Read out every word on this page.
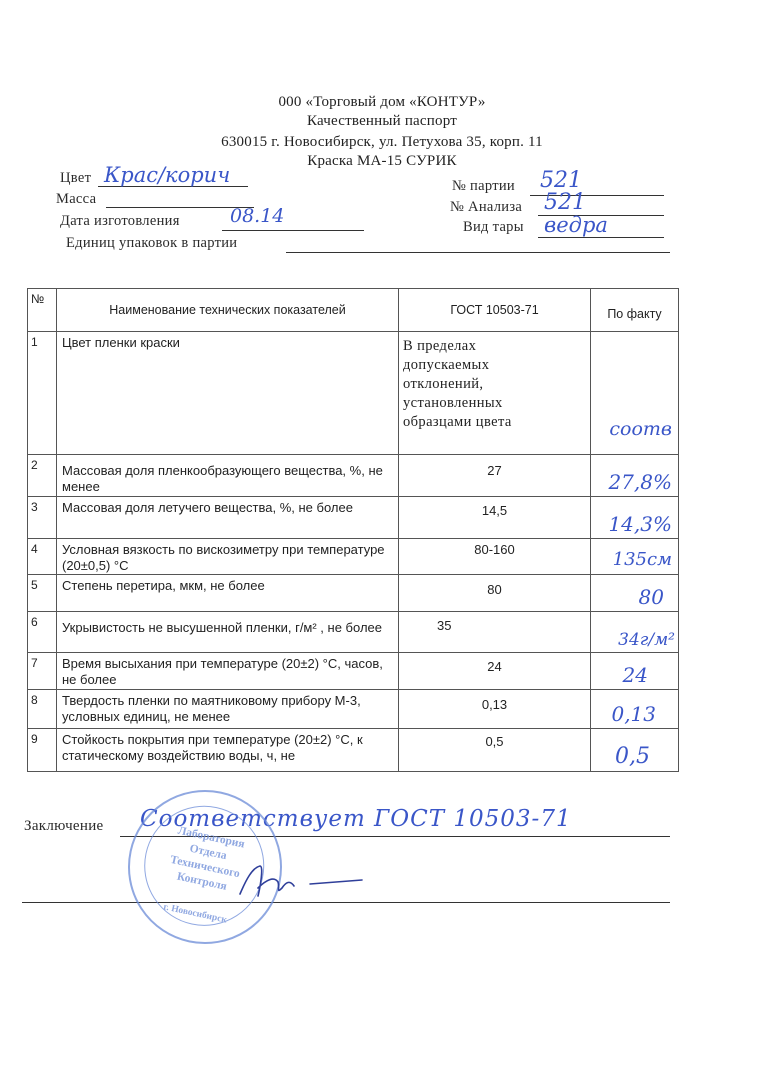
000 «Торговый дом «КОНТУР»
Качественный паспорт
630015 г. Новосибирск, ул. Петухова 35, корп. 11
Краска МА-15 СУРИК
Цвет Крас/корич
Масса
Дата изготовления	08.14
Единиц упаковок в партии
№ партии 521
№ Анализа 521
Вид тары ведра
№	Наименование технических показателей	ГОСТ 10503-71	По факту

1	Цвет пленки краски	В пределах допускаемых отклонений, установленных образцами цвета	соотв

2	Массовая доля пленкообразующего вещества, %, не менее	27	27,8%

3	Массовая доля летучего вещества, %, не более	14,5	14,3%

4	Условная вязкость по вискозиметру при температуре (20±0,5) °С	80-160	135см

5	Степень перетира, мкм, не более	80	80

6	Укрывистость не высушенной пленки, г/м² , не более	35	34г/м²

7	Время высыхания при температуре (20±2) °С, часов, не более	24	24

8	Твердость пленки по маятниковому прибору М-3, условных единиц, не менее	0,13	0,13

9	Стойкость покрытия при температуре (20±2) °С, к статическому воздействию воды, ч, не	0,5	0,5
Заключение Соответствует ГОСТ 10503-71
Лаборатория Отдела Технического Контроля
г. Новосибирск
